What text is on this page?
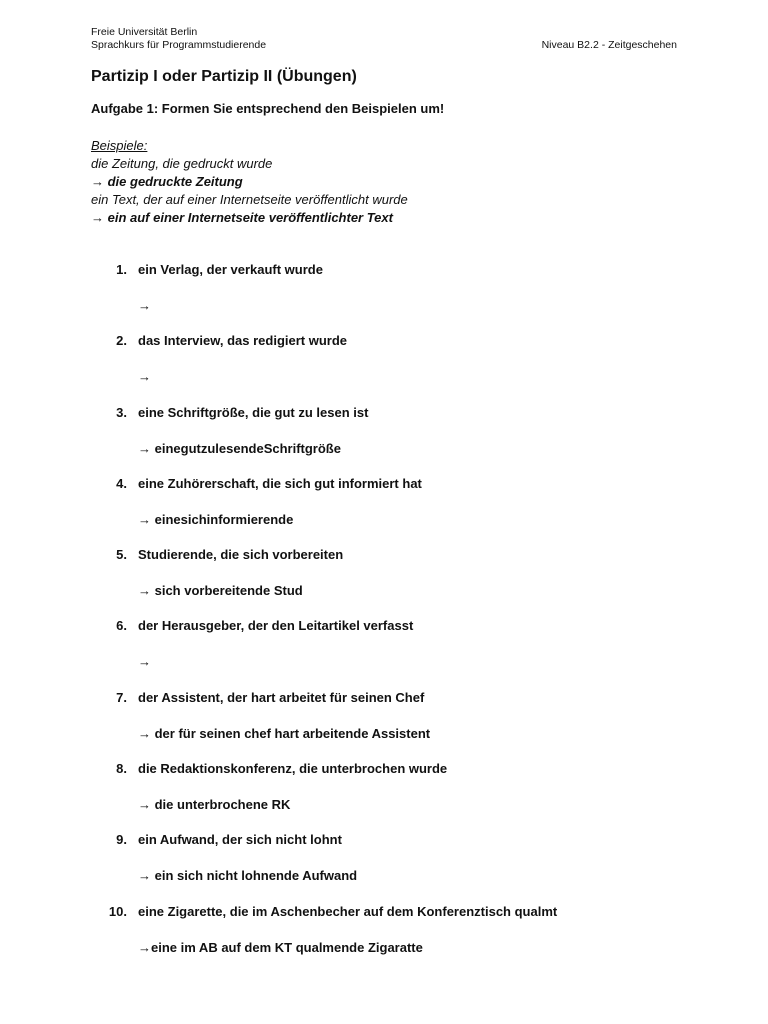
Freie Universität Berlin
Sprachkurs für Programmstudierende	Niveau B2.2 - Zeitgeschehen
Partizip I oder Partizip II (Übungen)
Aufgabe 1: Formen Sie entsprechend den Beispielen um!
Beispiele:
die Zeitung, die gedruckt wurde
→ die gedruckte Zeitung
ein Text, der auf einer Internetseite veröffentlicht wurde
→ ein auf einer Internetseite veröffentlichter Text
1. ein Verlag, der verkauft wurde
→
2. das Interview, das redigiert wurde
→
3. eine Schriftgröße, die gut zu lesen ist
→ einegutzulesendeSchriftgröße
4. eine Zuhörerschaft, die sich gut informiert hat
→ einesichinformierende
5. Studierende, die sich vorbereiten
→ sich vorbereitende Stud
6. der Herausgeber, der den Leitartikel verfasst
→
7. der Assistent, der hart arbeitet für seinen Chef
→ der für seinen chef hart arbeitende Assistent
8. die Redaktionskonferenz, die unterbrochen wurde
→ die unterbrochene RK
9. ein Aufwand, der sich nicht lohnt
→ ein sich nicht lohnende Aufwand
10. eine Zigarette, die im Aschenbecher auf dem Konferenztisch qualmt
→eine im AB auf dem KT qualmende Zigaratte
